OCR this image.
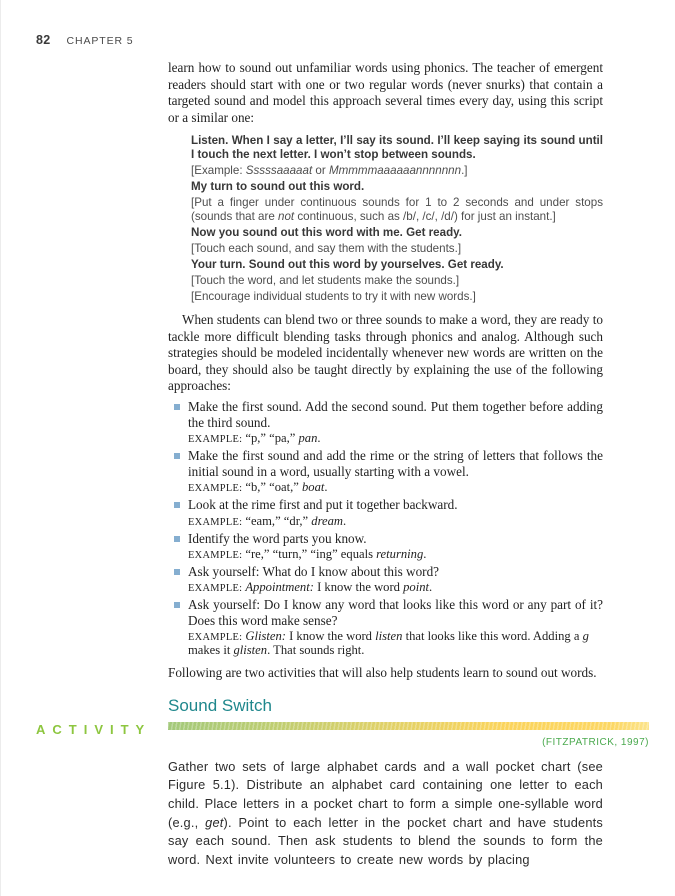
82 CHAPTER 5

learn how to sound out unfamiliar words using phonics. The teacher of emergent readers should start with one or two regular words (never snurks) that contain a targeted sound and model this approach several times every day, using this script or a similar one:

Listen. When I say a letter, I’ll say its sound. I’ll keep saying its sound until I touch the next letter. I won’t stop between sounds.

[Example: Sssssaaaaat or Mmmmmaaaaaannnnnnn.]

My turn to sound out this word.

[Put a finger under continuous sounds for 1 to 2 seconds and under stops (sounds that are not continuous, such as /b/, /c/, /d/) for just an instant.]

Now you sound out this word with me. Get ready.

[Touch each sound, and say them with the students.]

Your turn. Sound out this word by yourselves. Get ready.

[Touch the word, and let students make the sounds.]

[Encourage individual students to try it with new words.]

When students can blend two or three sounds to make a word, they are ready to tackle more difficult blending tasks through phonics and analog. Although such strategies should be modeled incidentally whenever new words are written on the board, they should also be taught directly by explaining the use of the following approaches:

Make the first sound. Add the second sound. Put them together before adding the third sound.
EXAMPLE: “p,” “pa,” pan.
Make the first sound and add the rime or the string of letters that follows the initial sound in a word, usually starting with a vowel.
EXAMPLE: “b,” “oat,” boat.
Look at the rime first and put it together backward.
EXAMPLE: “eam,” “dr,” dream.
Identify the word parts you know.
EXAMPLE: “re,” “turn,” “ing” equals returning.
Ask yourself: What do I know about this word?
EXAMPLE: Appointment: I know the word point.
Ask yourself: Do I know any word that looks like this word or any part of it? Does this word make sense?
EXAMPLE: Glisten: I know the word listen that looks like this word. Adding a g makes it glisten. That sounds right.

Following are two activities that will also help students learn to sound out words.

ACTIVITY
Sound Switch

(FITZPATRICK, 1997)

Gather two sets of large alphabet cards and a wall pocket chart (see Figure 5.1). Distribute an alphabet card containing one letter to each child. Place letters in a pocket chart to form a simple one-syllable word (e.g., get). Point to each letter in the pocket chart and have students say each sound. Then ask students to blend the sounds to form the word. Next invite volunteers to create new words by placing
